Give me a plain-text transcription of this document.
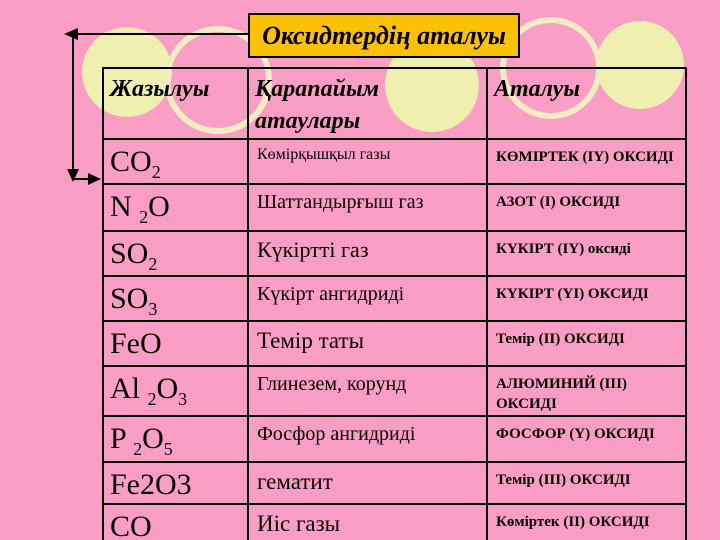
Оксидтердің аталуы
Жазылуы	Қарапайым атаулары	Аталуы
$CO_2$	Көмірқышқыл газы	КӨМІРТЕК (ІҮ) ОКСИДІ
N $_2$O	Шаттандырғыш газ	АЗОТ (І) ОКСИДІ
$SO_2$	Күкіртті газ	КҮКІРТ (ІҮ) оксиді
$SO_3$	Күкірт ангидриді	КҮКІРТ (ҮІ) ОКСИДІ
FeO	Темір таты	Темір (ІІ) ОКСИДІ
Al $_2O_3$	Глинезем, корунд	АЛЮМИНИЙ (ІІІ) ОКСИДІ
P $_2O_5$	Фосфор ангидриді	ФОСФОР (Ү) ОКСИДІ
Fe2O3	гематит	Темір (ІІІ) ОКСИДІ
CO	Иіс газы	Көміртек (ІІ) ОКСИДІ
